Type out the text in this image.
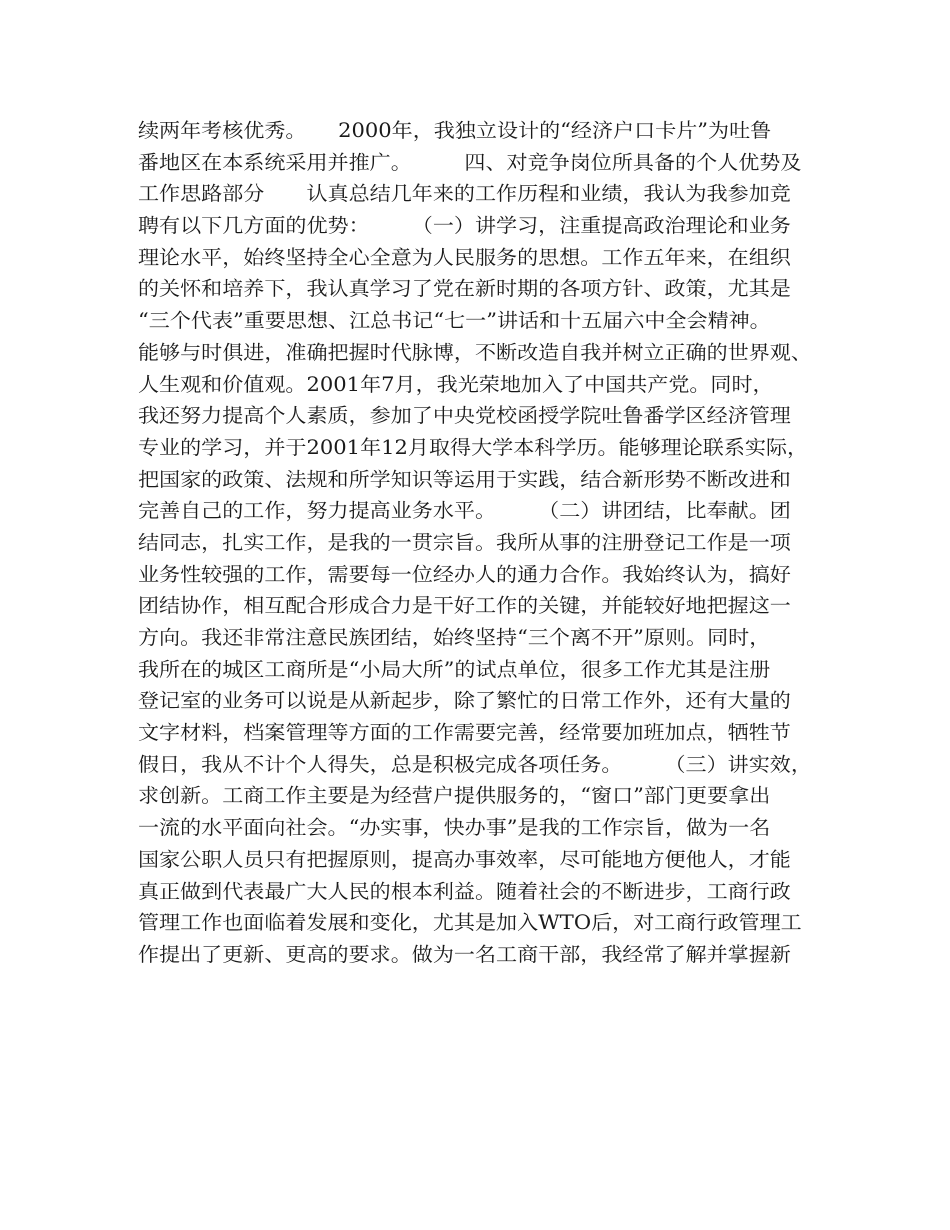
续两年考核优秀。　　2000年，我独立设计的“经济户口卡片”为吐鲁
番地区在本系统采用并推广。　　　四、对竞争岗位所具备的个人优势及
工作思路部分　　认真总结几年来的工作历程和业绩，我认为我参加竞
聘有以下几方面的优势：　　　（一）讲学习，注重提高政治理论和业务
理论水平，始终坚持全心全意为人民服务的思想。工作五年来，在组织
的关怀和培养下，我认真学习了党在新时期的各项方针、政策，尤其是
“三个代表”重要思想、江总书记“七一”讲话和十五届六中全会精神。
能够与时俱进，准确把握时代脉博，不断改造自我并树立正确的世界观、
人生观和价值观。2001年7月，我光荣地加入了中国共产党。同时，
我还努力提高个人素质，参加了中央党校函授学院吐鲁番学区经济管理
专业的学习，并于2001年12月取得大学本科学历。能够理论联系实际，
把国家的政策、法规和所学知识等运用于实践，结合新形势不断改进和
完善自己的工作，努力提高业务水平。　　　（二）讲团结，比奉献。团
结同志，扎实工作，是我的一贯宗旨。我所从事的注册登记工作是一项
业务性较强的工作，需要每一位经办人的通力合作。我始终认为，搞好
团结协作，相互配合形成合力是干好工作的关键，并能较好地把握这一
方向。我还非常注意民族团结，始终坚持“三个离不开”原则。同时，
我所在的城区工商所是“小局大所”的试点单位，很多工作尤其是注册
登记室的业务可以说是从新起步，除了繁忙的日常工作外，还有大量的
文字材料，档案管理等方面的工作需要完善，经常要加班加点，牺牲节
假日，我从不计个人得失，总是积极完成各项任务。　　　（三）讲实效，
求创新。工商工作主要是为经营户提供服务的，“窗口”部门更要拿出
一流的水平面向社会。“办实事，快办事”是我的工作宗旨，做为一名
国家公职人员只有把握原则，提高办事效率，尽可能地方便他人，才能
真正做到代表最广大人民的根本利益。随着社会的不断进步，工商行政
管理工作也面临着发展和变化，尤其是加入WTO后，对工商行政管理工
作提出了更新、更高的要求。做为一名工商干部，我经常了解并掌握新
